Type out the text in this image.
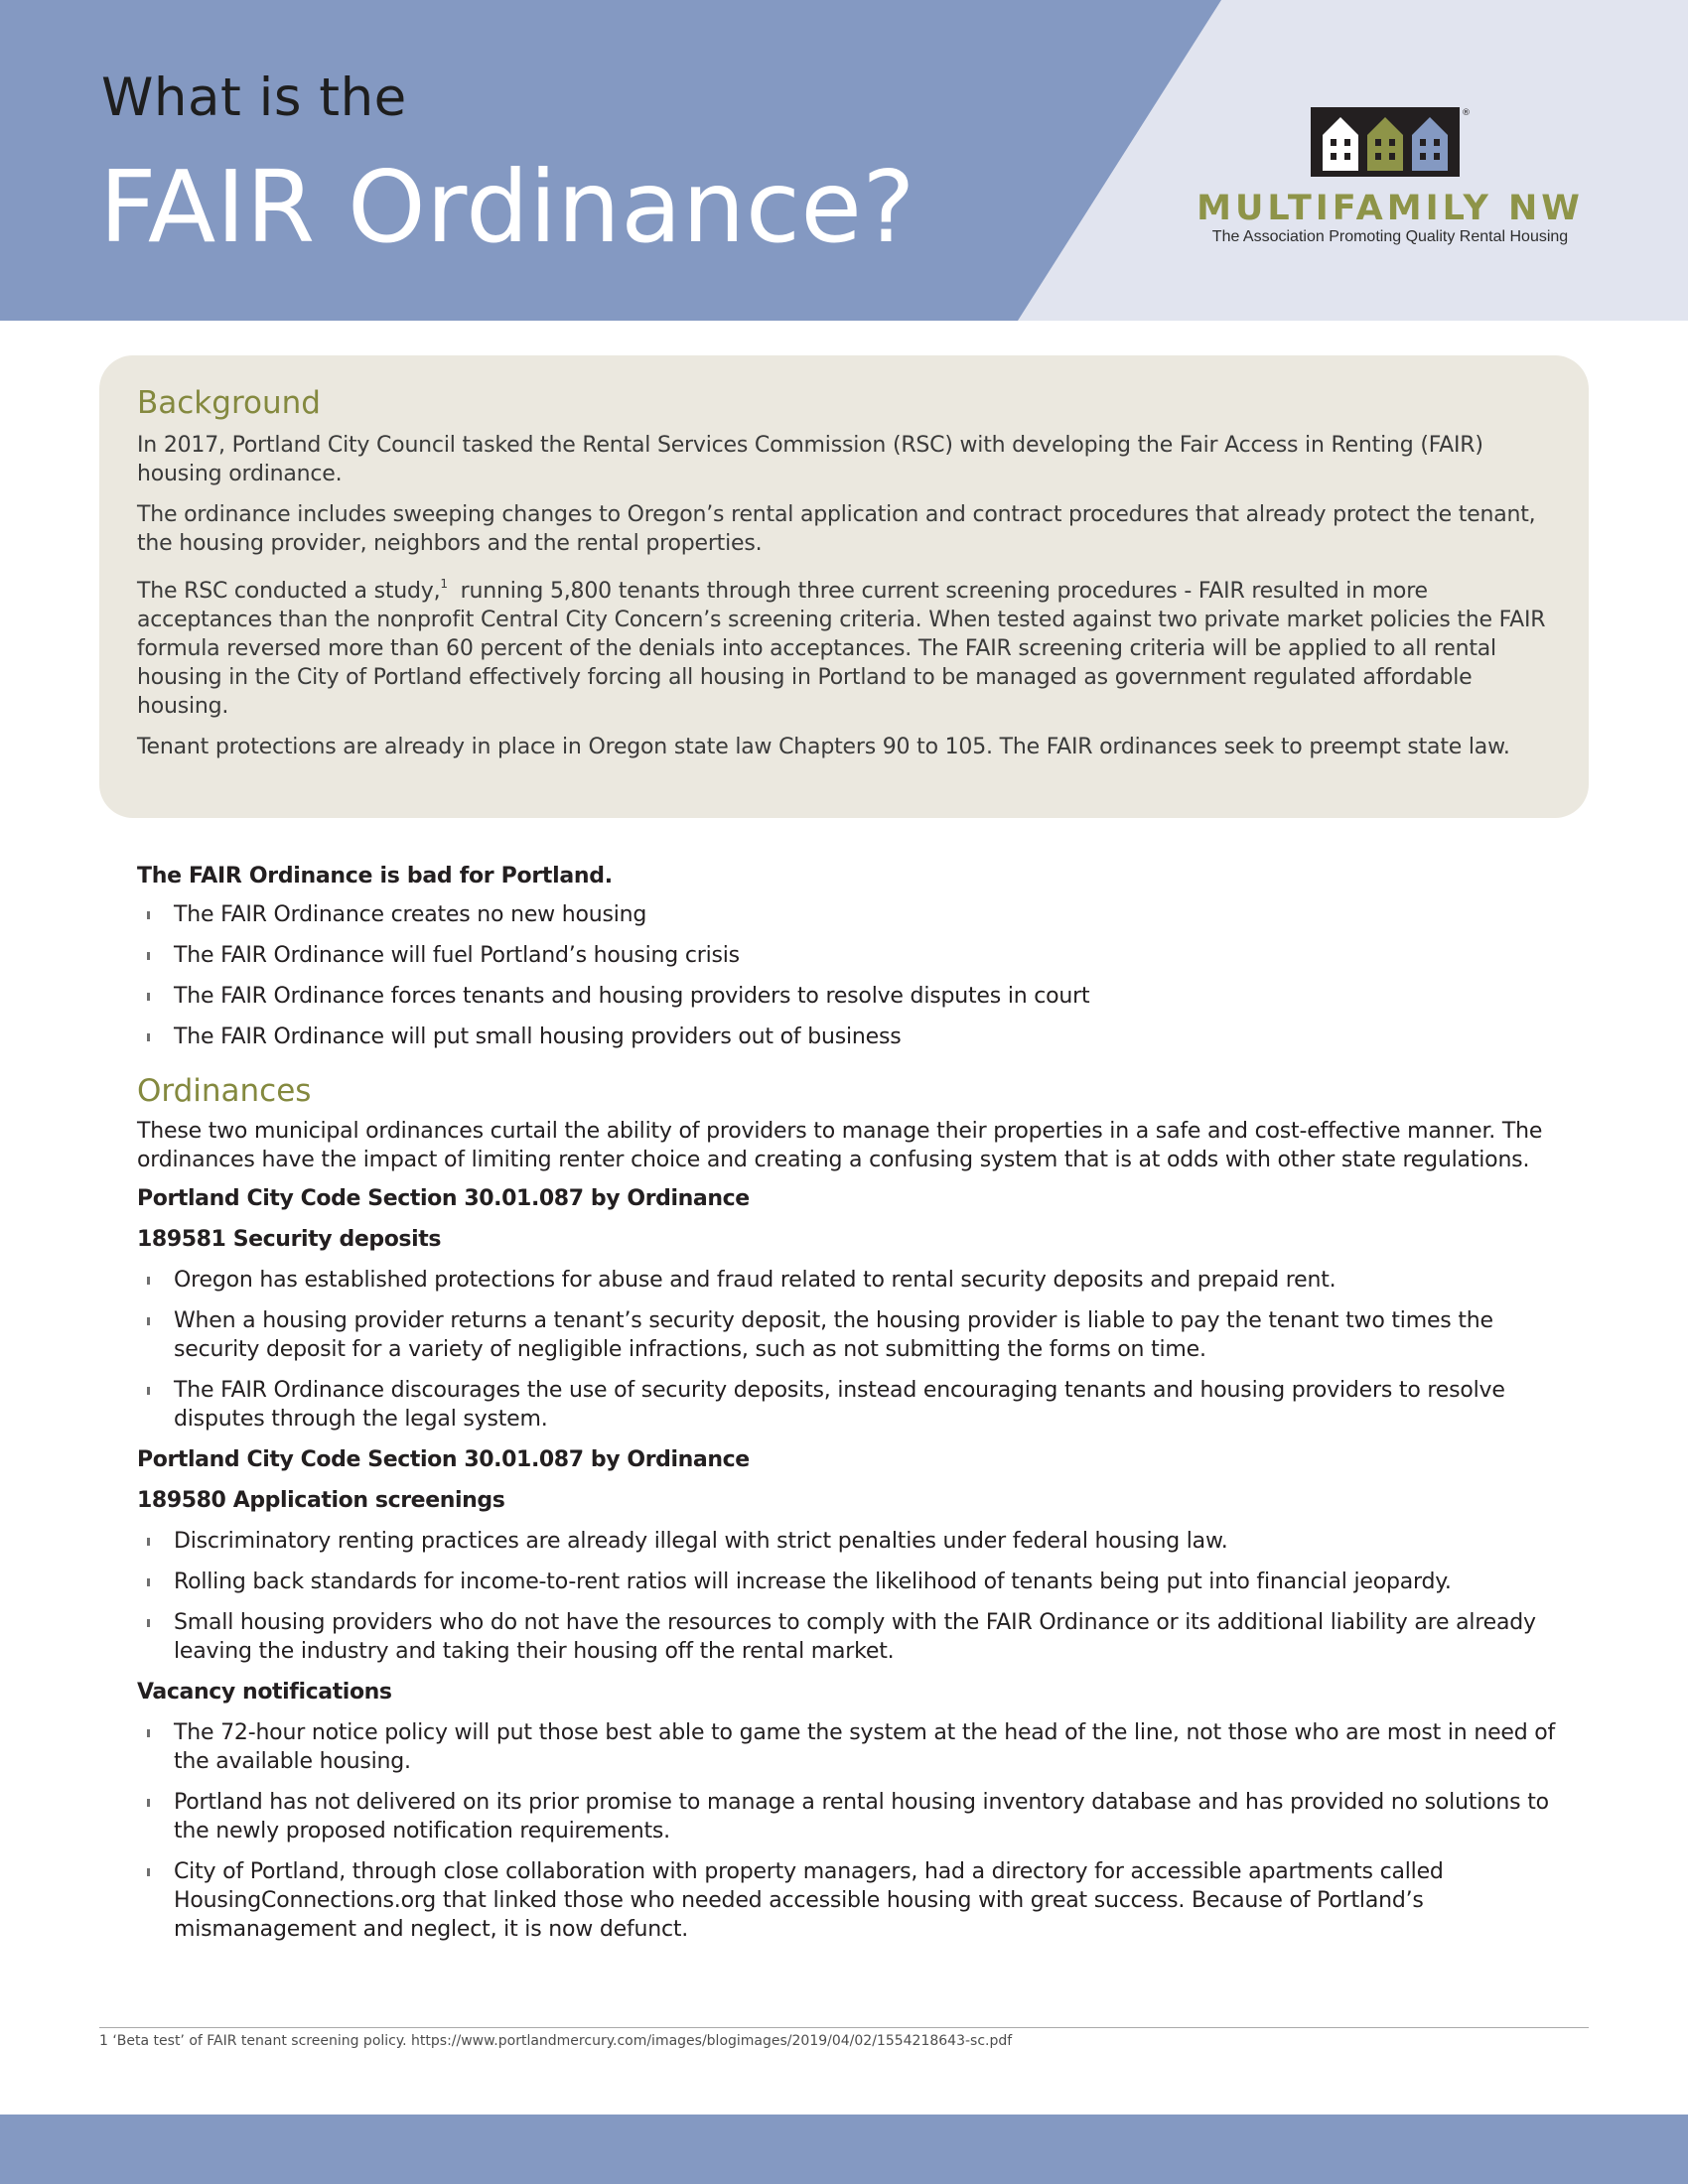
What is the
FAIR Ordinance?
®
MULTIFAMILY NW
The Association Promoting Quality Rental Housing
Background

In 2017, Portland City Council tasked the Rental Services Commission (RSC) with developing the Fair Access in Renting (FAIR) housing ordinance.

The ordinance includes sweeping changes to Oregon’s rental application and contract procedures that already protect the tenant, the housing provider, neighbors and the rental properties.

The RSC conducted a study,$^1$ running 5,800 tenants through three current screening procedures - FAIR resulted in more acceptances than the nonprofit Central City Concern’s screening criteria. When tested against two private market policies the FAIR formula reversed more than 60 percent of the denials into acceptances. The FAIR screening criteria will be applied to all rental housing in the City of Portland effectively forcing all housing in Portland to be managed as government regulated affordable housing.

Tenant protections are already in place in Oregon state law Chapters 90 to 105. The FAIR ordinances seek to preempt state law.

The FAIR Ordinance is bad for Portland.
The FAIR Ordinance creates no new housing
The FAIR Ordinance will fuel Portland’s housing crisis
The FAIR Ordinance forces tenants and housing providers to resolve disputes in court
The FAIR Ordinance will put small housing providers out of business
Ordinances
These two municipal ordinances curtail the ability of providers to manage their properties in a safe and cost-effective manner. The ordinances have the impact of limiting renter choice and creating a confusing system that is at odds with other state regulations.
Portland City Code Section 30.01.087 by Ordinance
189581 Security deposits
Oregon has established protections for abuse and fraud related to rental security deposits and prepaid rent.
When a housing provider returns a tenant’s security deposit, the housing provider is liable to pay the tenant two times the security deposit for a variety of negligible infractions, such as not submitting the forms on time.
The FAIR Ordinance discourages the use of security deposits, instead encouraging tenants and housing providers to resolve disputes through the legal system.
Portland City Code Section 30.01.087 by Ordinance
189580 Application screenings
Discriminatory renting practices are already illegal with strict penalties under federal housing law.
Rolling back standards for income-to-rent ratios will increase the likelihood of tenants being put into financial jeopardy.
Small housing providers who do not have the resources to comply with the FAIR Ordinance or its additional liability are already leaving the industry and taking their housing off the rental market.
Vacancy notifications
The 72-hour notice policy will put those best able to game the system at the head of the line, not those who are most in need of the available housing.
Portland has not delivered on its prior promise to manage a rental housing inventory database and has provided no solutions to the newly proposed notification requirements.
City of Portland, through close collaboration with property managers, had a directory for accessible apartments called HousingConnections.org that linked those who needed accessible housing with great success. Because of Portland’s mismanagement and neglect, it is now defunct.
1 ‘Beta test’ of FAIR tenant screening policy. https://www.portlandmercury.com/images/blogimages/2019/04/02/1554218643-sc.pdf
